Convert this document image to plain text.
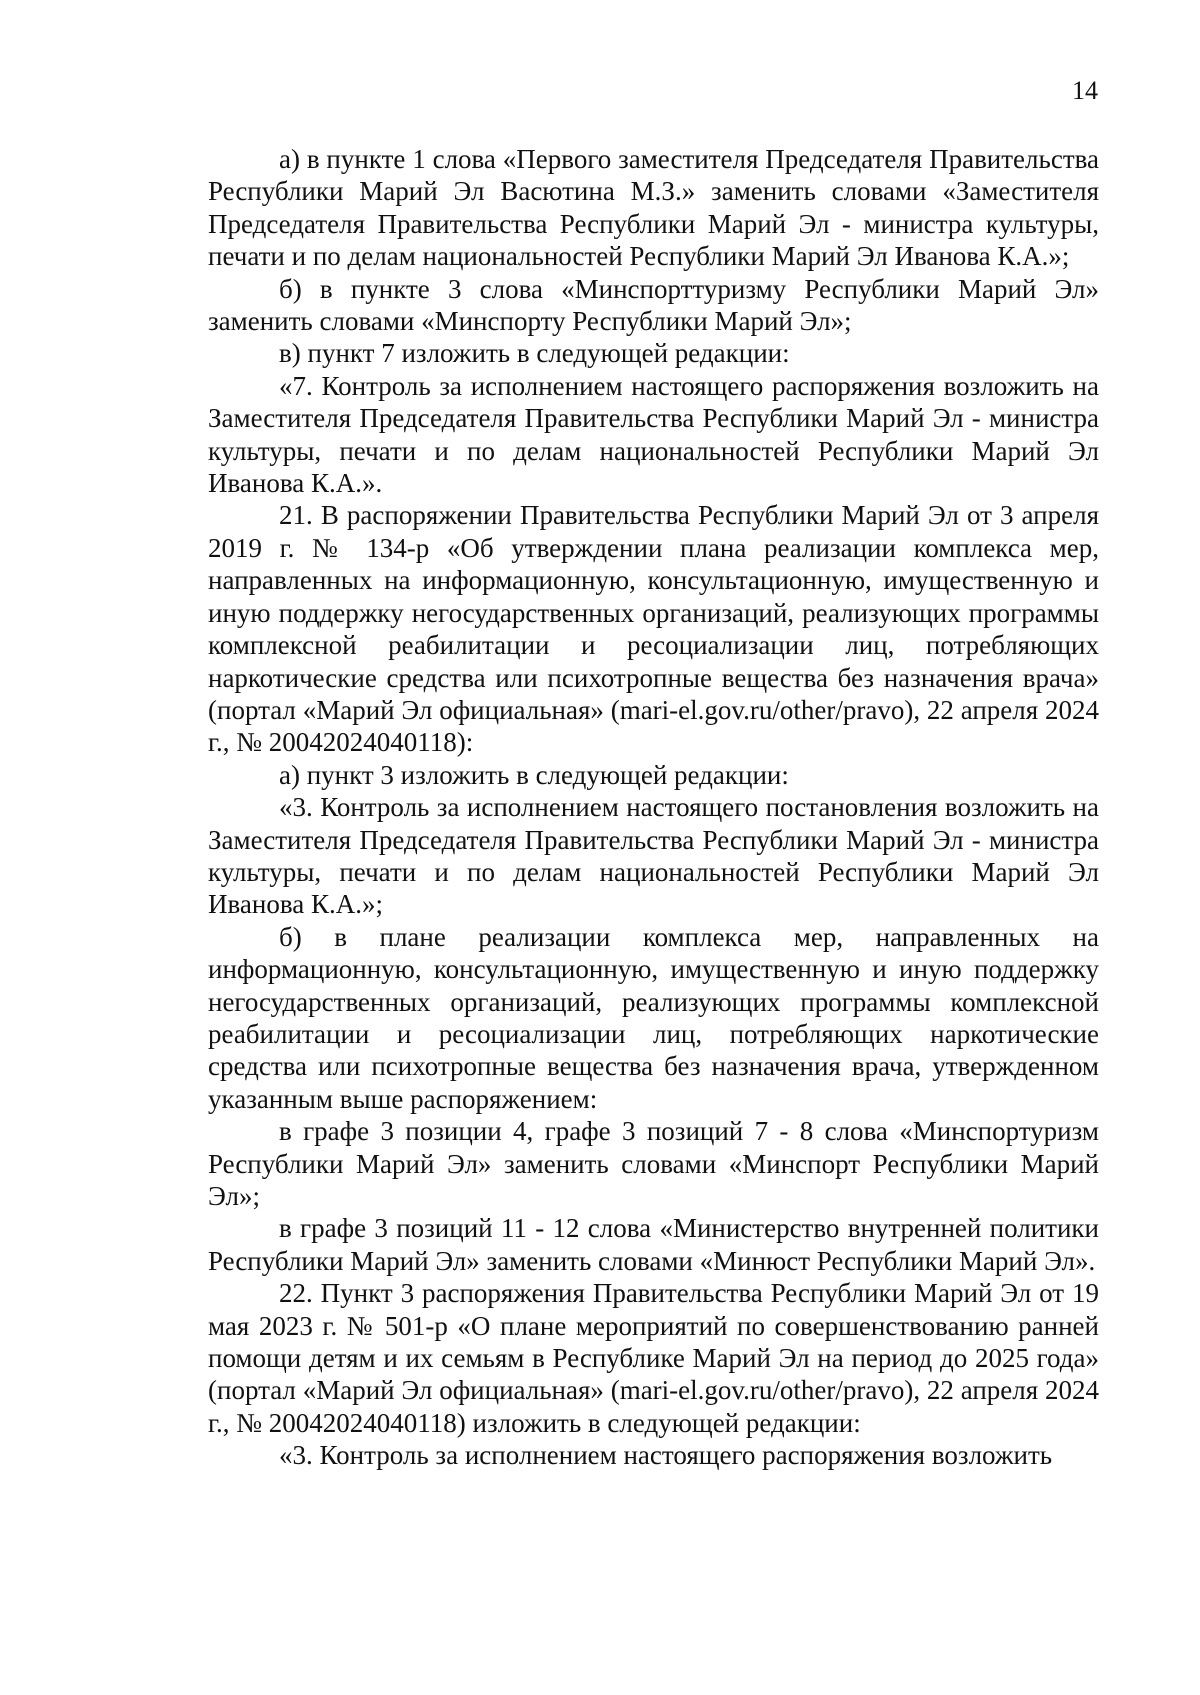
14

а) в пункте 1 слова «Первого заместителя Председателя Правительства Республики Марий Эл Васютина М.З.» заменить словами «Заместителя Председателя Правительства Республики Марий Эл - министра культуры, печати и по делам национальностей Республики Марий Эл Иванова К.А.»;

б) в пункте 3 слова «Минспорттуризму Республики Марий Эл» заменить словами «Минспорту Республики Марий Эл»;

в) пункт 7 изложить в следующей редакции:

«7. Контроль за исполнением настоящего распоряжения возложить на Заместителя Председателя Правительства Республики Марий Эл - министра культуры, печати и по делам национальностей Республики Марий Эл Иванова К.А.».

21. В распоряжении Правительства Республики Марий Эл от 3 апреля 2019 г. № 134-р «Об утверждении плана реализации комплекса мер, направленных на информационную, консультационную, имущественную и иную поддержку негосударственных организаций, реализующих программы комплексной реабилитации и ресоциализации лиц, потребляющих наркотические средства или психотропные вещества без назначения врача» (портал «Марий Эл официальная» (mari-el.gov.ru/other/pravo), 22 апреля 2024 г., № 20042024040118):

а) пункт 3 изложить в следующей редакции:

«3. Контроль за исполнением настоящего постановления возложить на Заместителя Председателя Правительства Республики Марий Эл - министра культуры, печати и по делам национальностей Республики Марий Эл Иванова К.А.»;

б) в плане реализации комплекса мер, направленных на информационную, консультационную, имущественную и иную поддержку негосударственных организаций, реализующих программы комплексной реабилитации и ресоциализации лиц, потребляющих наркотические средства или психотропные вещества без назначения врача, утвержденном указанным выше распоряжением:

в графе 3 позиции 4, графе 3 позиций 7 - 8 слова «Минспортуризм Республики Марий Эл» заменить словами «Минспорт Республики Марий Эл»;

в графе 3 позиций 11 - 12 слова «Министерство внутренней политики Республики Марий Эл» заменить словами «Минюст Республики Марий Эл».

22. Пункт 3 распоряжения Правительства Республики Марий Эл от 19 мая 2023 г. № 501-р «О плане мероприятий по совершенствованию ранней помощи детям и их семьям в Республике Марий Эл на период до 2025 года» (портал «Марий Эл официальная» (mari-el.gov.ru/other/pravo), 22 апреля 2024 г., № 20042024040118) изложить в следующей редакции:

«3. Контроль за исполнением настоящего распоряжения возложить
